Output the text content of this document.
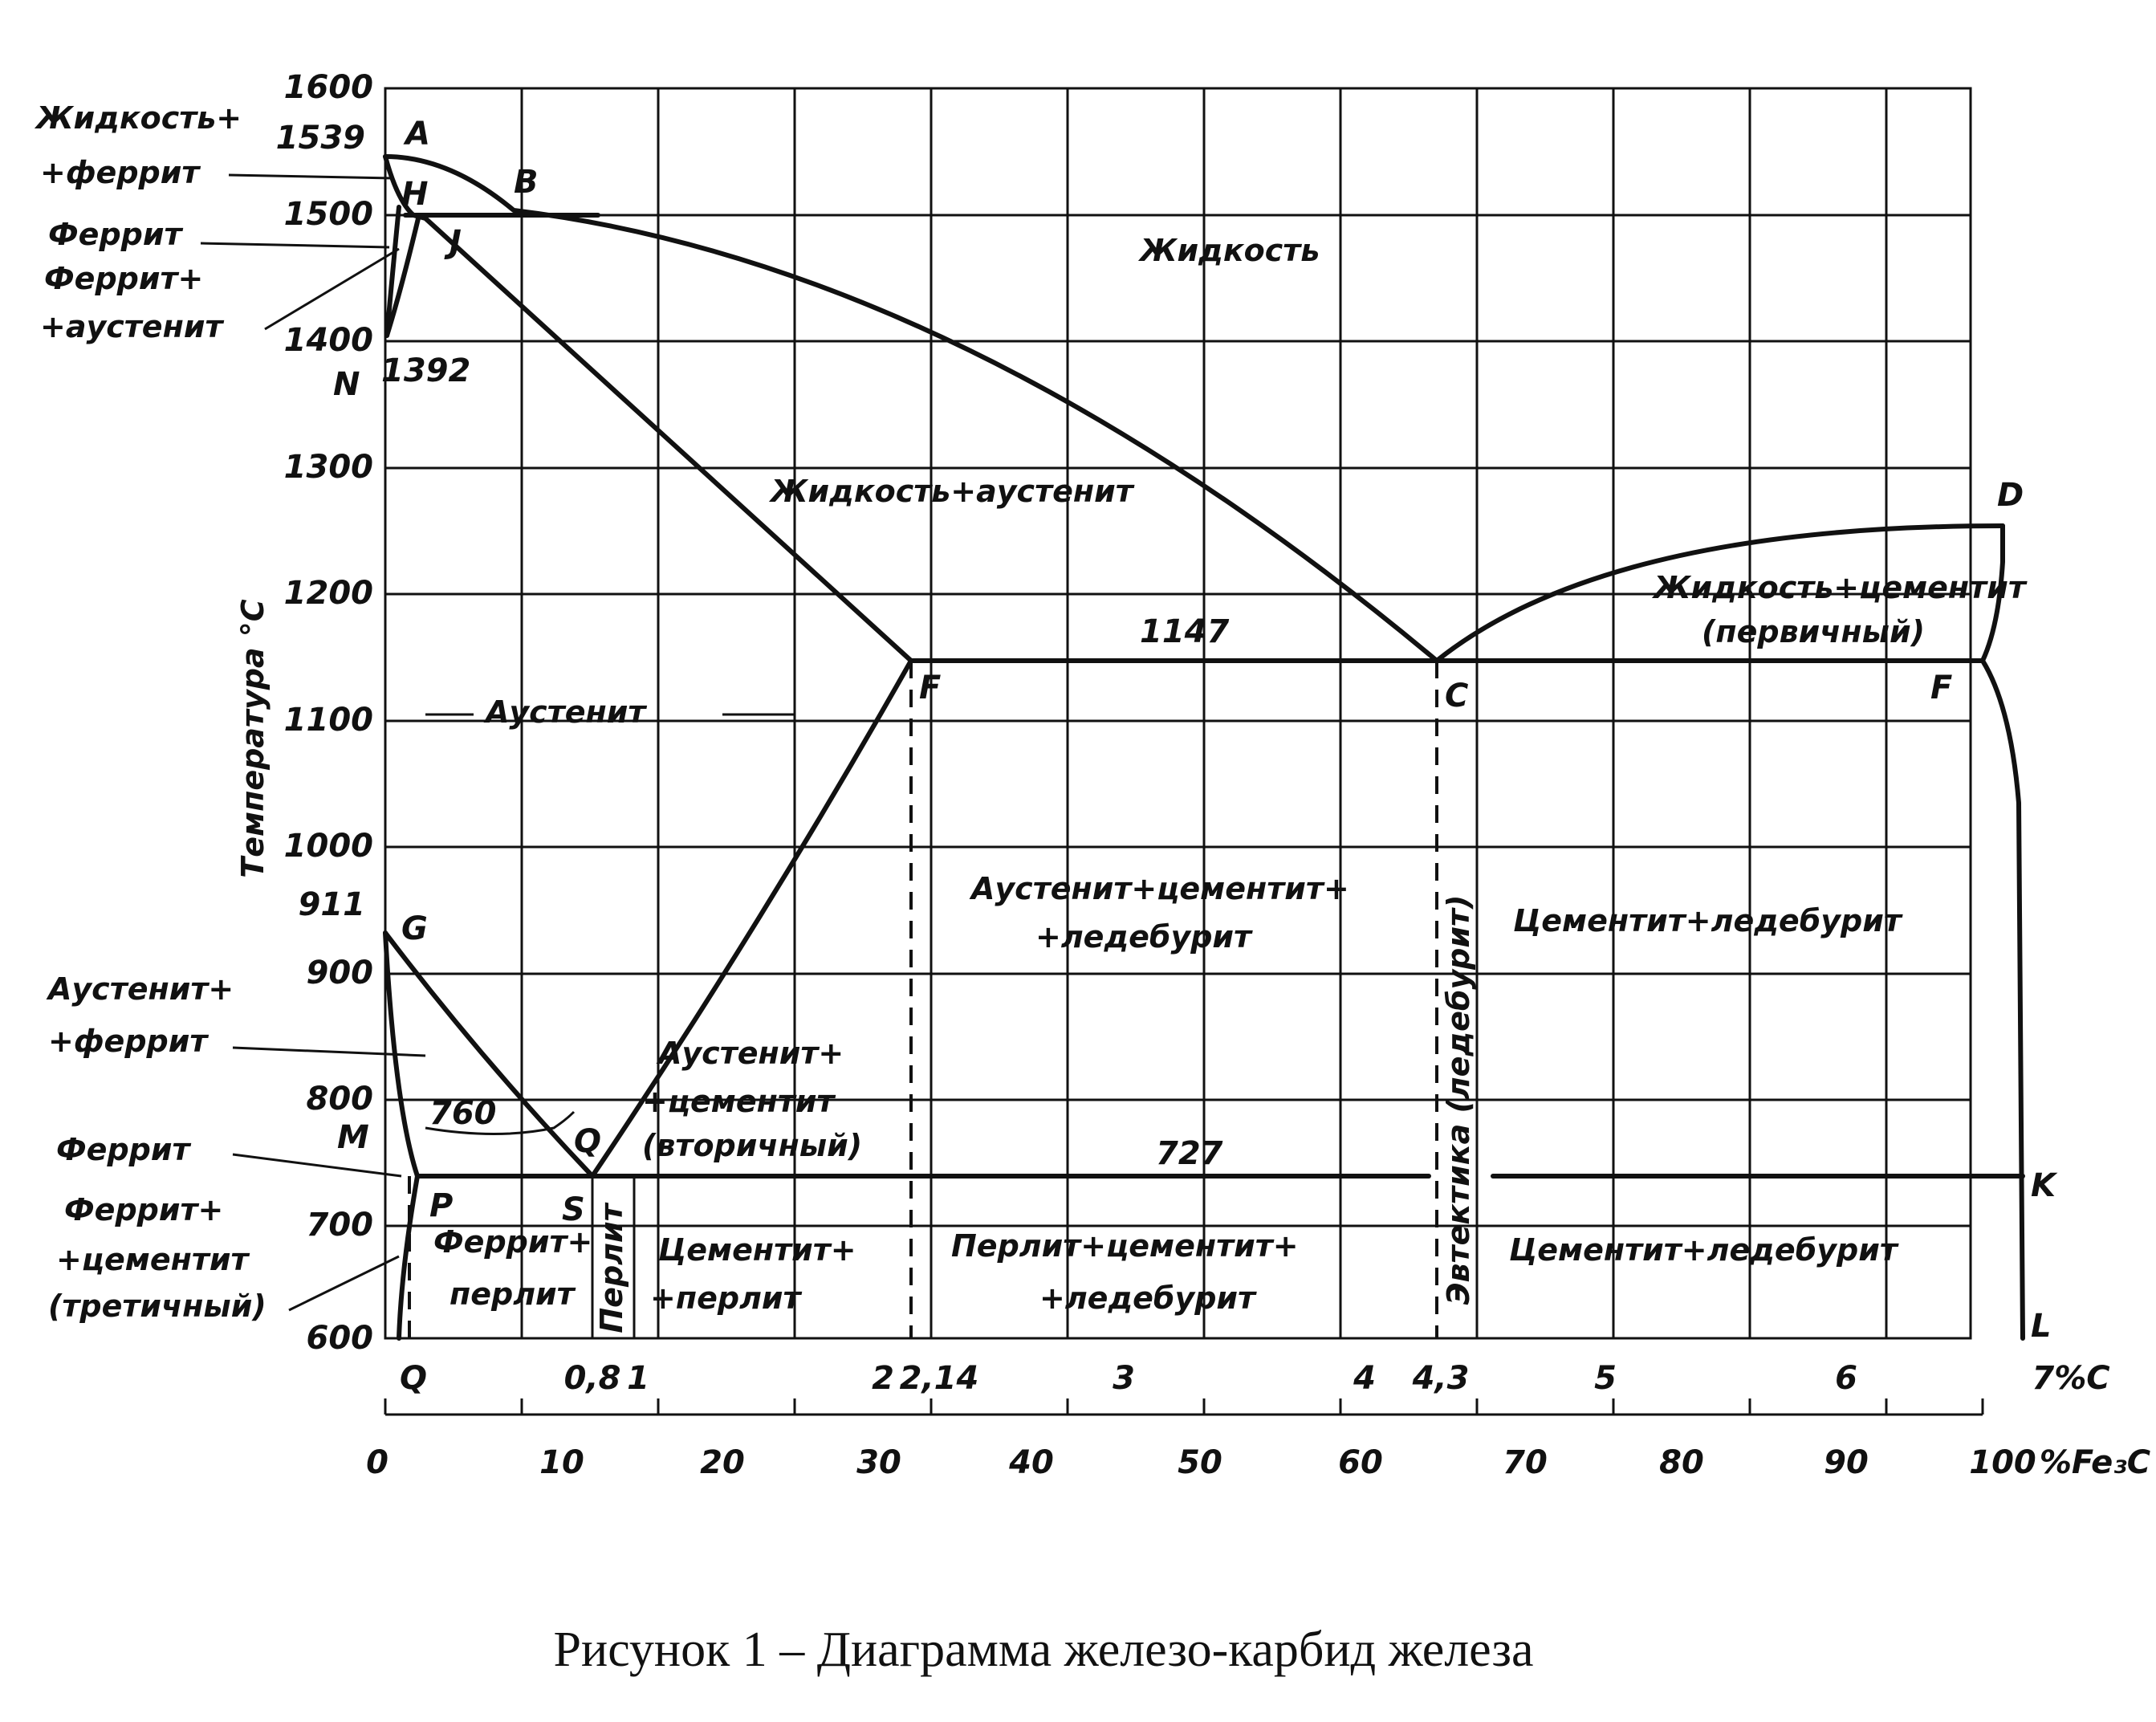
1600
1539
1500
1400
1300
1200
1100
1000
911
900
800
700
600
Температура °C
Q	0,8 1	2 2,14	3	4 4,3	5	6	7%C
0	10	20	30	40	50	60	70	80	90	100 %Fe₃C
A
H	B
J
N
D
C
F	F
G
M
P	S
Q
K
L
1392
1147
727
760
Жидкость+
+феррит
Феррит
Феррит+
+аустенит
Аустенит+
+феррит
Феррит
Феррит+
+цементит
(третичный)
Жидкость
Жидкость+аустенит
Жидкость+цементит
(первичный)
Аустенит
Аустенит+цементит+
+ледебурит	Цементит+ледебурит
Аустенит+
+цементит
(вторичный)
Феррит+
перлит
Цементит+
+перлит
Перлит+цементит+
+ледебурит
Цементит+ледебурит
Эвтектика (ледебурит)
Перлит
Рисунок 1 – Диаграмма железо-карбид железа
